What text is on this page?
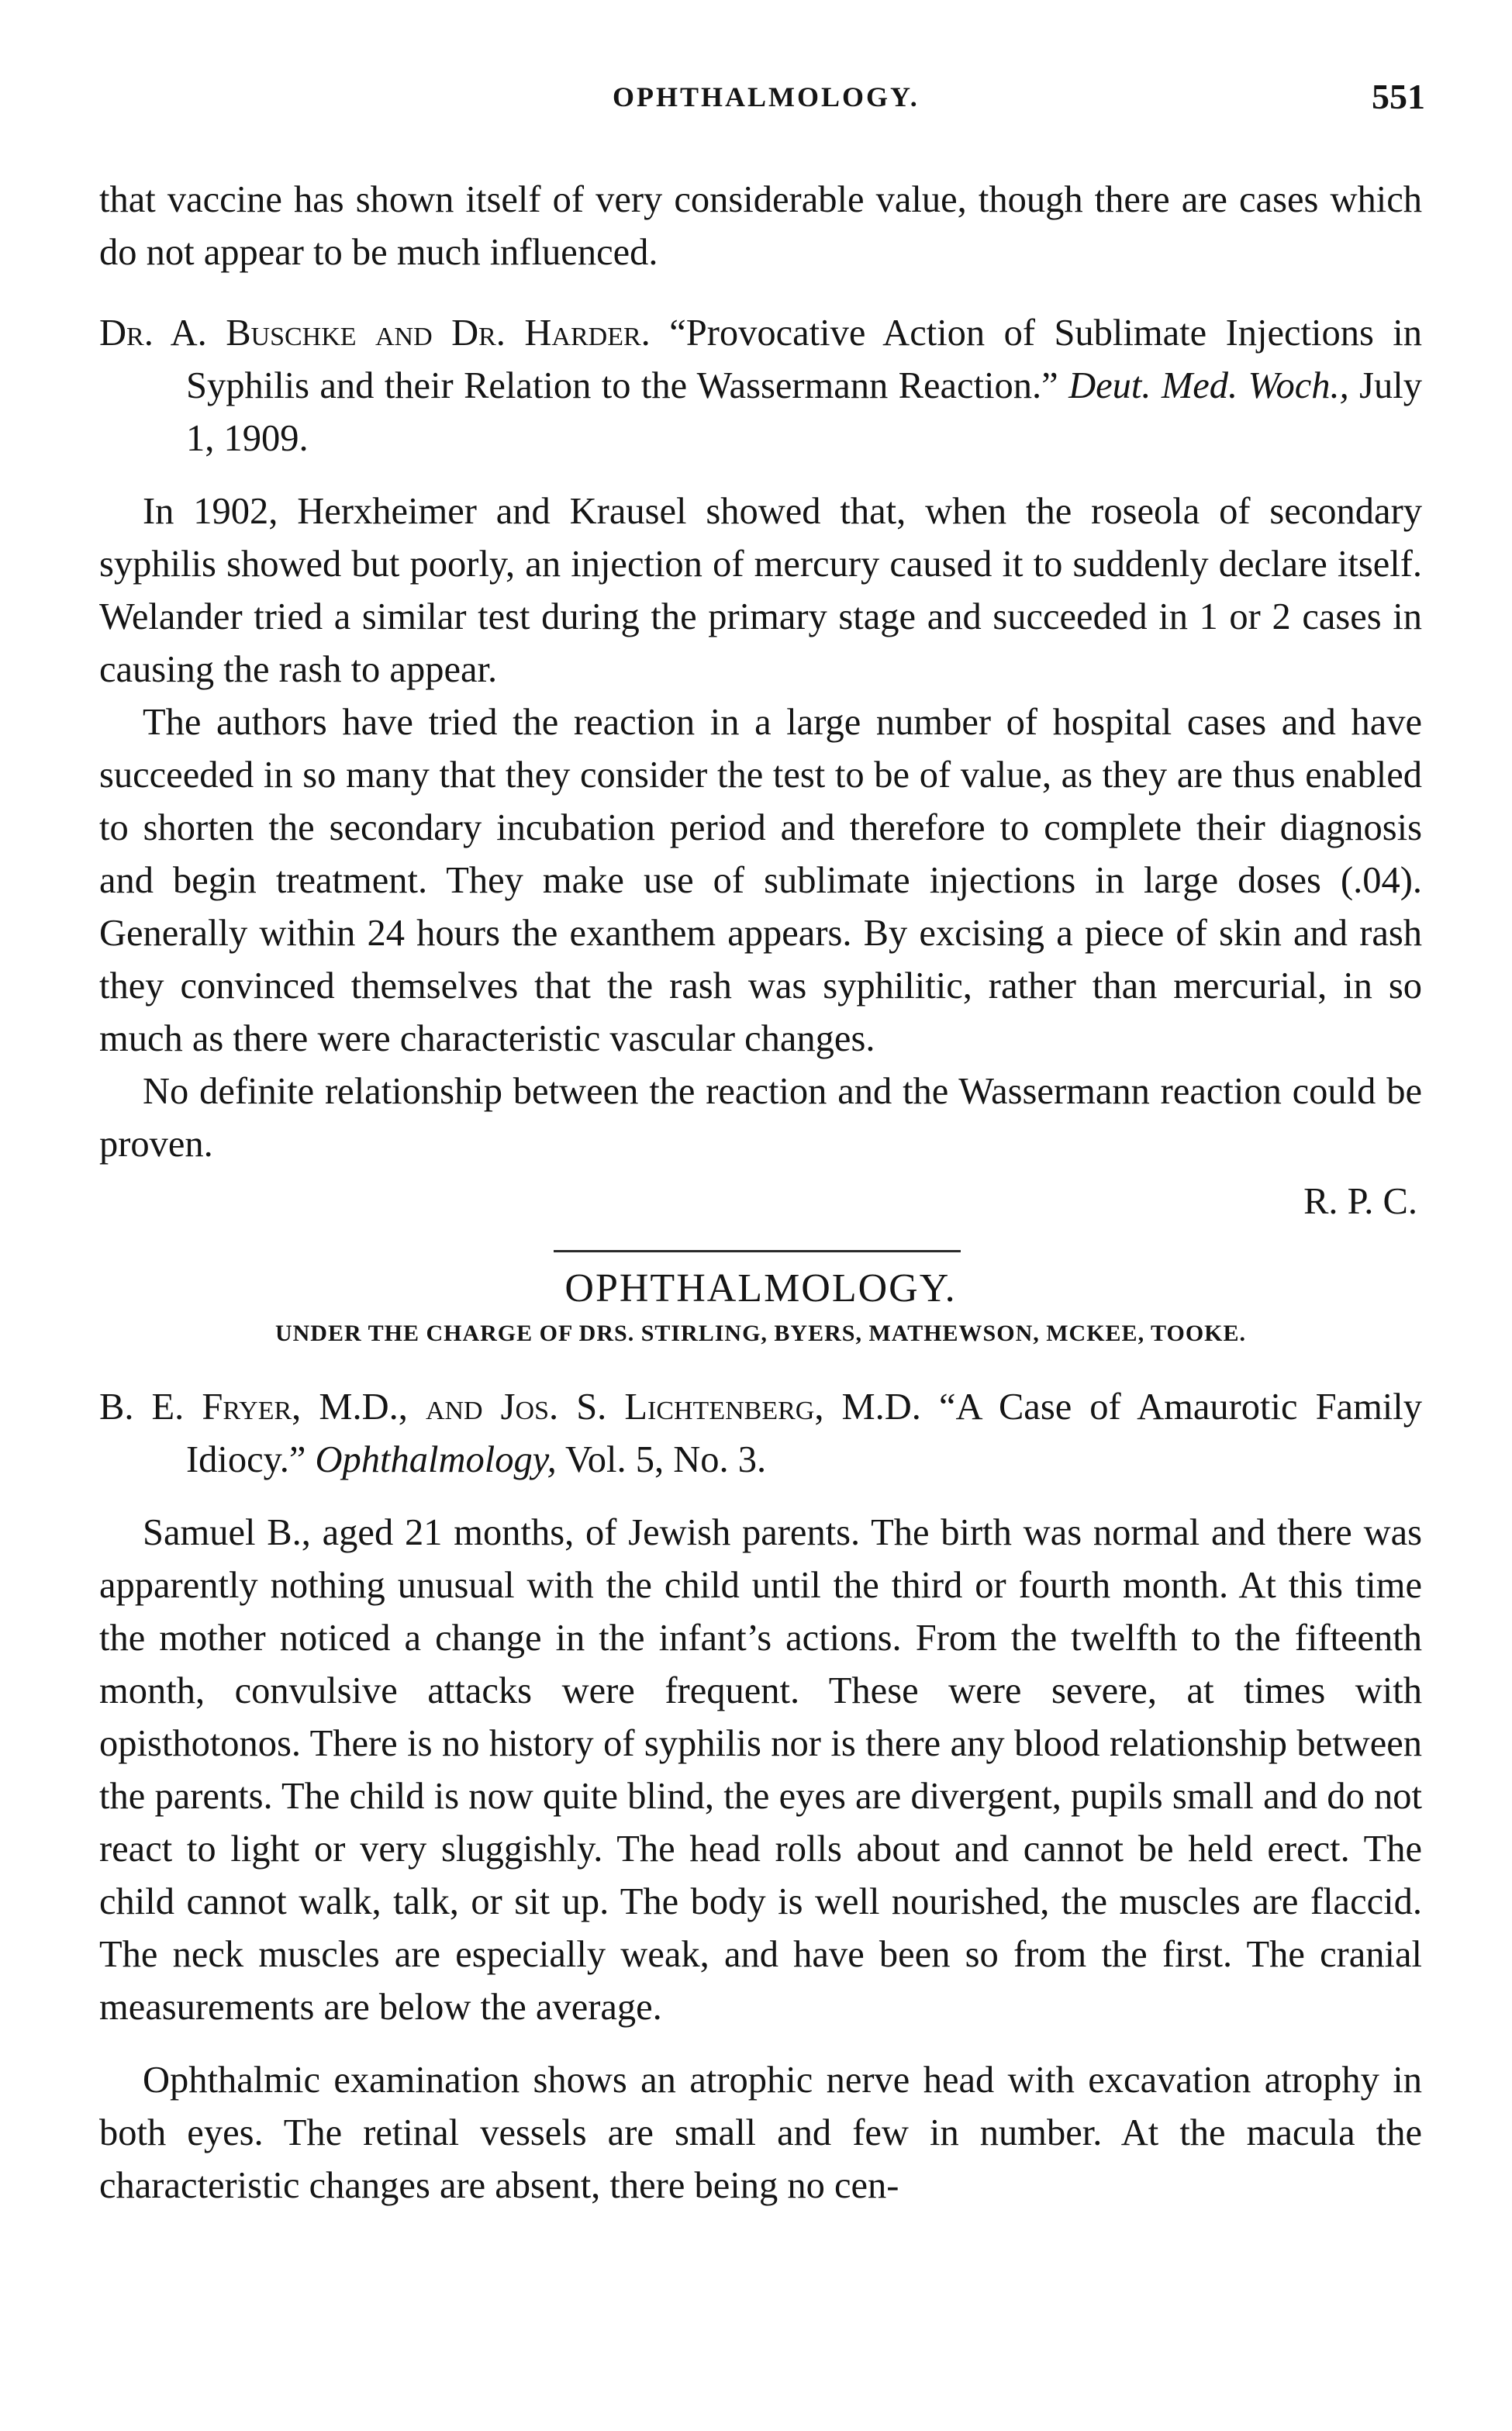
OPHTHALMOLOGY.	551

that vaccine has shown itself of very considerable value, though there are cases which do not appear to be much influenced.

Dr. A. Buschke and Dr. Harder. “Provocative Action of Sublimate Injections in Syphilis and their Relation to the Wassermann Reaction.” Deut. Med. Woch., July 1, 1909.

In 1902, Herxheimer and Krausel showed that, when the roseola of secondary syphilis showed but poorly, an injection of mercury caused it to suddenly declare itself. Welander tried a similar test during the primary stage and succeeded in 1 or 2 cases in causing the rash to appear.

The authors have tried the reaction in a large number of hospital cases and have succeeded in so many that they consider the test to be of value, as they are thus enabled to shorten the secondary incubation period and therefore to complete their diagnosis and begin treatment. They make use of sublimate injections in large doses (.04). Generally within 24 hours the exanthem appears. By excising a piece of skin and rash they convinced themselves that the rash was syphilitic, rather than mercurial, in so much as there were characteristic vascular changes.

No definite relationship between the reaction and the Wassermann reaction could be proven.

R. P. C.

OPHTHALMOLOGY.
UNDER THE CHARGE OF DRS. STIRLING, BYERS, MATHEWSON, MCKEE, TOOKE.

B. E. Fryer, M.D., and Jos. S. Lichtenberg, M.D. “A Case of Amaurotic Family Idiocy.” Ophthalmology, Vol. 5, No. 3.

Samuel B., aged 21 months, of Jewish parents. The birth was normal and there was apparently nothing unusual with the child until the third or fourth month. At this time the mother noticed a change in the infant’s actions. From the twelfth to the fifteenth month, convulsive attacks were frequent. These were severe, at times with opisthotonos. There is no history of syphilis nor is there any blood relationship between the parents. The child is now quite blind, the eyes are divergent, pupils small and do not react to light or very sluggishly. The head rolls about and cannot be held erect. The child cannot walk, talk, or sit up. The body is well nourished, the muscles are flaccid. The neck muscles are especially weak, and have been so from the first. The cranial measurements are below the average.

Ophthalmic examination shows an atrophic nerve head with excavation atrophy in both eyes. The retinal vessels are small and few in number. At the macula the characteristic changes are absent, there being no cen-
